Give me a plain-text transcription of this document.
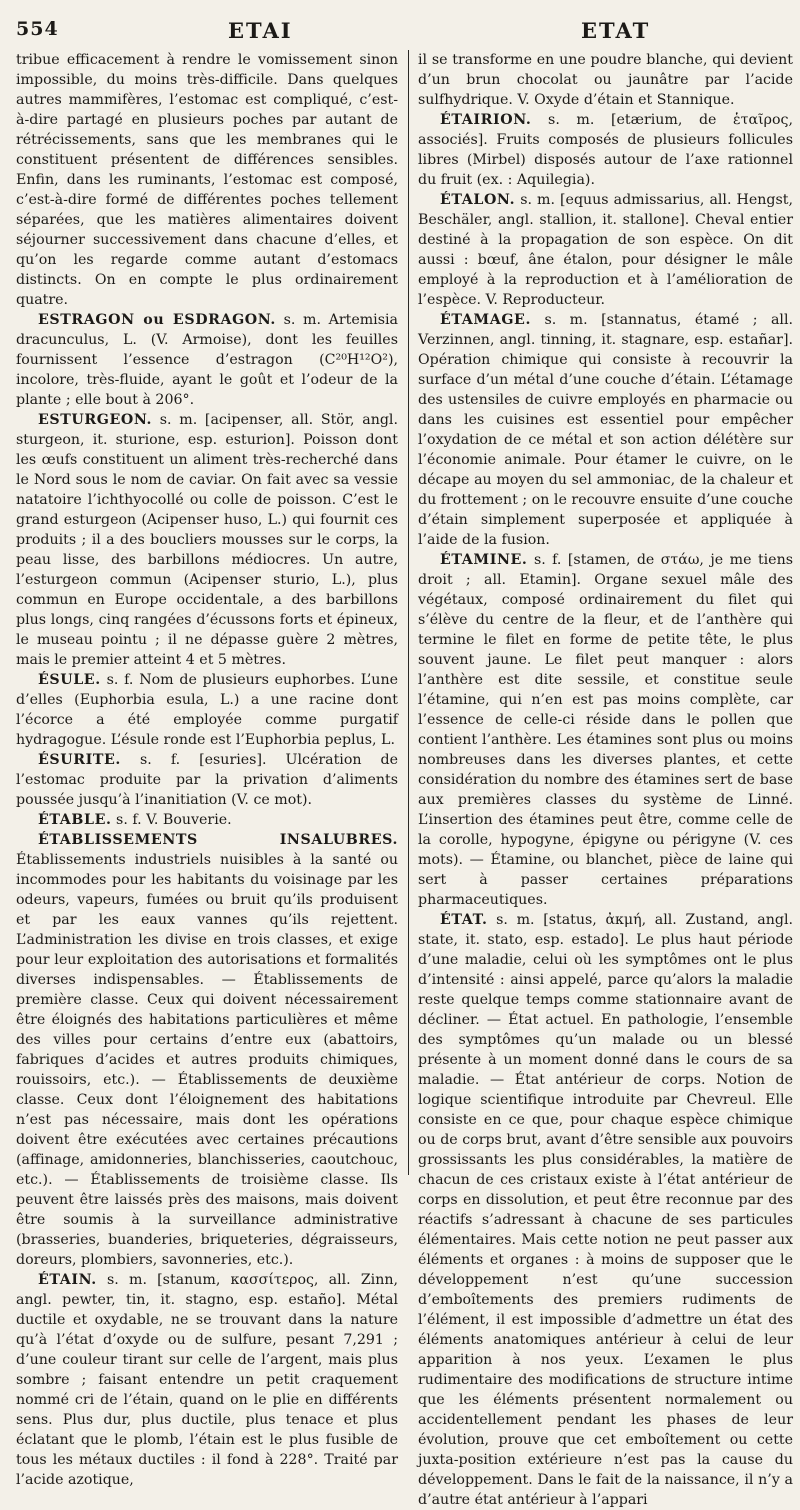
554	ETAI	ETAT

tribue efficacement à rendre le vomissement sinon impossible, du moins très-difficile. Dans quelques autres mammifères, l’estomac est compliqué, c’est-à-dire partagé en plusieurs poches par autant de rétrécissements, sans que les membranes qui le constituent présentent de différences sensibles. Enfin, dans les ruminants, l’estomac est composé, c’est-à-dire formé de différentes poches tellement séparées, que les matières alimentaires doivent séjourner successivement dans chacune d’elles, et qu’on les regarde comme autant d’estomacs distincts. On en compte le plus ordinairement quatre.

ESTRAGON ou ESDRAGON. s. m. Artemisia dracunculus, L. (V. Armoise), dont les feuilles fournissent l’essence d’estragon (C²⁰H¹²O²), incolore, très-fluide, ayant le goût et l’odeur de la plante ; elle bout à 206°.

ESTURGEON. s. m. [acipenser, all. Stör, angl. sturgeon, it. sturione, esp. esturion]. Poisson dont les œufs constituent un aliment très-recherché dans le Nord sous le nom de caviar. On fait avec sa vessie natatoire l’ichthyocollé ou colle de poisson. C’est le grand esturgeon (Acipenser huso, L.) qui fournit ces produits ; il a des boucliers mousses sur le corps, la peau lisse, des barbillons médiocres. Un autre, l’esturgeon commun (Acipenser sturio, L.), plus commun en Europe occidentale, a des barbillons plus longs, cinq rangées d’écussons forts et épineux, le museau pointu ; il ne dépasse guère 2 mètres, mais le premier atteint 4 et 5 mètres.

ÉSULE. s. f. Nom de plusieurs euphorbes. L’une d’elles (Euphorbia esula, L.) a une racine dont l’écorce a été employée comme purgatif hydragogue. L’ésule ronde est l’Euphorbia peplus, L.

ÉSURITE. s. f. [esuries]. Ulcération de l’estomac produite par la privation d’aliments poussée jusqu’à l’inanitiation (V. ce mot).

ÉTABLE. s. f. V. Bouverie.

ÉTABLISSEMENTS INSALUBRES. Établissements industriels nuisibles à la santé ou incommodes pour les habitants du voisinage par les odeurs, vapeurs, fumées ou bruit qu’ils produisent et par les eaux vannes qu’ils rejettent. L’administration les divise en trois classes, et exige pour leur exploitation des autorisations et formalités diverses indispensables. — Établissements de première classe. Ceux qui doivent nécessairement être éloignés des habitations particulières et même des villes pour certains d’entre eux (abattoirs, fabriques d’acides et autres produits chimiques, rouissoirs, etc.). — Établissements de deuxième classe. Ceux dont l’éloignement des habitations n’est pas nécessaire, mais dont les opérations doivent être exécutées avec certaines précautions (affinage, amidonneries, blanchisseries, caoutchouc, etc.). — Établissements de troisième classe. Ils peuvent être laissés près des maisons, mais doivent être soumis à la surveillance administrative (brasseries, buanderies, briqueteries, dégraisseurs, doreurs, plombiers, savonneries, etc.).

ÉTAIN. s. m. [stanum, κασσίτερος, all. Zinn, angl. pewter, tin, it. stagno, esp. estaño]. Métal ductile et oxydable, ne se trouvant dans la nature qu’à l’état d’oxyde ou de sulfure, pesant 7,291 ; d’une couleur tirant sur celle de l’argent, mais plus sombre ; faisant entendre un petit craquement nommé cri de l’étain, quand on le plie en différents sens. Plus dur, plus ductile, plus tenace et plus éclatant que le plomb, l’étain est le plus fusible de tous les métaux ductiles : il fond à 228°. Traité par l’acide azotique,

il se transforme en une poudre blanche, qui devient d’un brun chocolat ou jaunâtre par l’acide sulfhydrique. V. Oxyde d’étain et Stannique.

ÉTAIRION. s. m. [etærium, de ἑταῖρος, associés]. Fruits composés de plusieurs follicules libres (Mirbel) disposés autour de l’axe rationnel du fruit (ex. : Aquilegia).

ÉTALON. s. m. [equus admissarius, all. Hengst, Beschäler, angl. stallion, it. stallone]. Cheval entier destiné à la propagation de son espèce. On dit aussi : bœuf, âne étalon, pour désigner le mâle employé à la reproduction et à l’amélioration de l’espèce. V. Reproducteur.

ÉTAMAGE. s. m. [stannatus, étamé ; all. Verzinnen, angl. tinning, it. stagnare, esp. estañar]. Opération chimique qui consiste à recouvrir la surface d’un métal d’une couche d’étain. L’étamage des ustensiles de cuivre employés en pharmacie ou dans les cuisines est essentiel pour empêcher l’oxydation de ce métal et son action délétère sur l’économie animale. Pour étamer le cuivre, on le décape au moyen du sel ammoniac, de la chaleur et du frottement ; on le recouvre ensuite d’une couche d’étain simplement superposée et appliquée à l’aide de la fusion.

ÉTAMINE. s. f. [stamen, de στάω, je me tiens droit ; all. Etamin]. Organe sexuel mâle des végétaux, composé ordinairement du filet qui s’élève du centre de la fleur, et de l’anthère qui termine le filet en forme de petite tête, le plus souvent jaune. Le filet peut manquer : alors l’anthère est dite sessile, et constitue seule l’étamine, qui n’en est pas moins complète, car l’essence de celle-ci réside dans le pollen que contient l’anthère. Les étamines sont plus ou moins nombreuses dans les diverses plantes, et cette considération du nombre des étamines sert de base aux premières classes du système de Linné. L’insertion des étamines peut être, comme celle de la corolle, hypogyne, épigyne ou périgyne (V. ces mots). — Étamine, ou blanchet, pièce de laine qui sert à passer certaines préparations pharmaceutiques.

ÉTAT. s. m. [status, ἀκμή, all. Zustand, angl. state, it. stato, esp. estado]. Le plus haut période d’une maladie, celui où les symptômes ont le plus d’intensité : ainsi appelé, parce qu’alors la maladie reste quelque temps comme stationnaire avant de décliner. — État actuel. En pathologie, l’ensemble des symptômes qu’un malade ou un blessé présente à un moment donné dans le cours de sa maladie. — État antérieur de corps. Notion de logique scientifique introduite par Chevreul. Elle consiste en ce que, pour chaque espèce chimique ou de corps brut, avant d’être sensible aux pouvoirs grossissants les plus considérables, la matière de chacun de ces cristaux existe à l’état antérieur de corps en dissolution, et peut être reconnue par des réactifs s’adressant à chacune de ses particules élémentaires. Mais cette notion ne peut passer aux éléments et organes : à moins de supposer que le développement n’est qu’une succession d’emboîtements des premiers rudiments de l’élément, il est impossible d’admettre un état des éléments anatomiques antérieur à celui de leur apparition à nos yeux. L’examen le plus rudimentaire des modifications de structure intime que les éléments présentent normalement ou accidentellement pendant les phases de leur évolution, prouve que cet emboîtement ou cette juxta-position extérieure n’est pas la cause du développement. Dans le fait de la naissance, il n’y a d’autre état antérieur à l’appari
